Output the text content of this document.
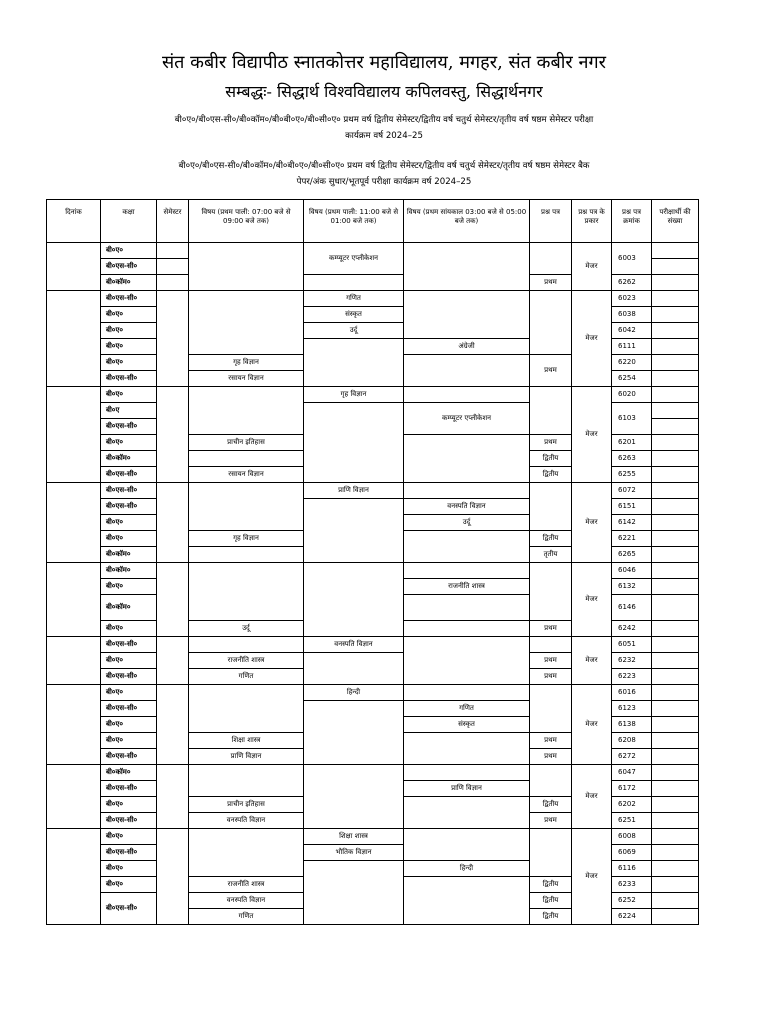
संत कबीर विद्यापीठ स्नातकोत्तर महाविद्यालय, मगहर, संत कबीर नगर
सम्बद्धः- सिद्धार्थ विश्वविद्यालय कपिलवस्तु, सिद्धार्थनगर
बी०ए०/बी०एस-सी०/बी०कॉम०/बी०बी०ए०/बी०सी०ए० प्रथम वर्ष द्वितीय सेमेस्टर/द्वितीय वर्ष चतुर्थ सेमेस्टर/तृतीय वर्ष षष्ठम सेमेस्टर परीक्षा
कार्यक्रम वर्ष 2024–25
बी०ए०/बी०एस-सी०/बी०कॉम०/बी०बी०ए०/बी०सी०ए० प्रथम वर्ष द्वितीय सेमेस्टर/द्वितीय वर्ष चतुर्थ सेमेस्टर/तृतीय वर्ष षष्ठम सेमेस्टर बैक
पेपर/अंक सुधार/भूतपूर्व परीक्षा कार्यक्रम वर्ष 2024–25
दिनांक	कक्षा	सेमेस्टर	विषय (प्रथम पाली: 07:00 बजे से 09:00 बजे तक)	विषय (प्रथम पाली: 11:00 बजे से 01:00 बजे तक)	विषय (प्रथम सांयकाल 03:00 बजे से 05:00 बजे तक)	प्रश्न पत्र	प्रश्न पत्र के प्रकार	प्रश्न पत्र क्रमांक	परीक्षार्थी की संख्या
	बी०ए०			कम्प्यूटर एप्लीकेशन			मेजर	6003	
	बी०एस-सी०								
	बी०कॉम०					प्रथम		6262	
	बी०एस-सी०			गणित			मेजर	6023	
	बी०ए०			संस्कृत				6038	
	बी०ए०			उर्दू				6042	
	बी०ए०				अंग्रेजी			6111	
	बी०ए०		गृह विज्ञान			प्रथम		6220	
	बी०एस-सी०		रसायन विज्ञान					6254	
	बी०ए०			गृह विज्ञान			मेजर	6020	
	बी०ए				कम्प्यूटर एप्लीकेशन			6103	
	बी०एस-सी०								
	बी०ए०		प्राचीन इतिहास			प्रथम		6201	
	बी०कॉम०					द्वितीय		6263	
	बी०एस-सी०		रसायन विज्ञान			द्वितीय		6255	
	बी०एस-सी०			प्राणि विज्ञान			मेजर	6072	
	बी०एस-सी०				वनस्पति विज्ञान			6151	
	बी०ए०				उर्दू			6142	
	बी०ए०		गृह विज्ञान			द्वितीय		6221	
	बी०कॉम०					तृतीय		6265	
	बी०कॉम०						मेजर	6046	
	बी०ए०				राजनीति शास्त्र			6132	
	बी०कॉम०							6146	
	बी०ए०		उर्दू			प्रथम		6242	
	बी०एस-सी०			वनस्पति विज्ञान			मेजर	6051	
	बी०ए०		राजनीति शास्त्र			प्रथम		6232	
	बी०एस-सी०		गणित			प्रथम		6223	
	बी०ए०			हिन्दी			मेजर	6016	
	बी०एस-सी०				गणित			6123	
	बी०ए०				संस्कृत			6138	
	बी०ए०		शिक्षा शास्त्र			प्रथम		6208	
	बी०एस-सी०		प्राणि विज्ञान			प्रथम		6272	
	बी०कॉम०						मेजर	6047	
	बी०एस-सी०				प्राणि विज्ञान			6172	
	बी०ए०		प्राचीन इतिहास			द्वितीय		6202	
	बी०एस-सी०		वनस्पति विज्ञान			प्रथम		6251	
	बी०ए०			शिक्षा शास्त्र			मेजर	6008	
	बी०एस-सी०			भौतिक विज्ञान				6069	
	बी०ए०				हिन्दी			6116	
	बी०ए०		राजनीति शास्त्र			द्वितीय		6233	
	बी०एस-सी०		वनस्पति विज्ञान			द्वितीय		6252	
			गणित			द्वितीय		6224	
